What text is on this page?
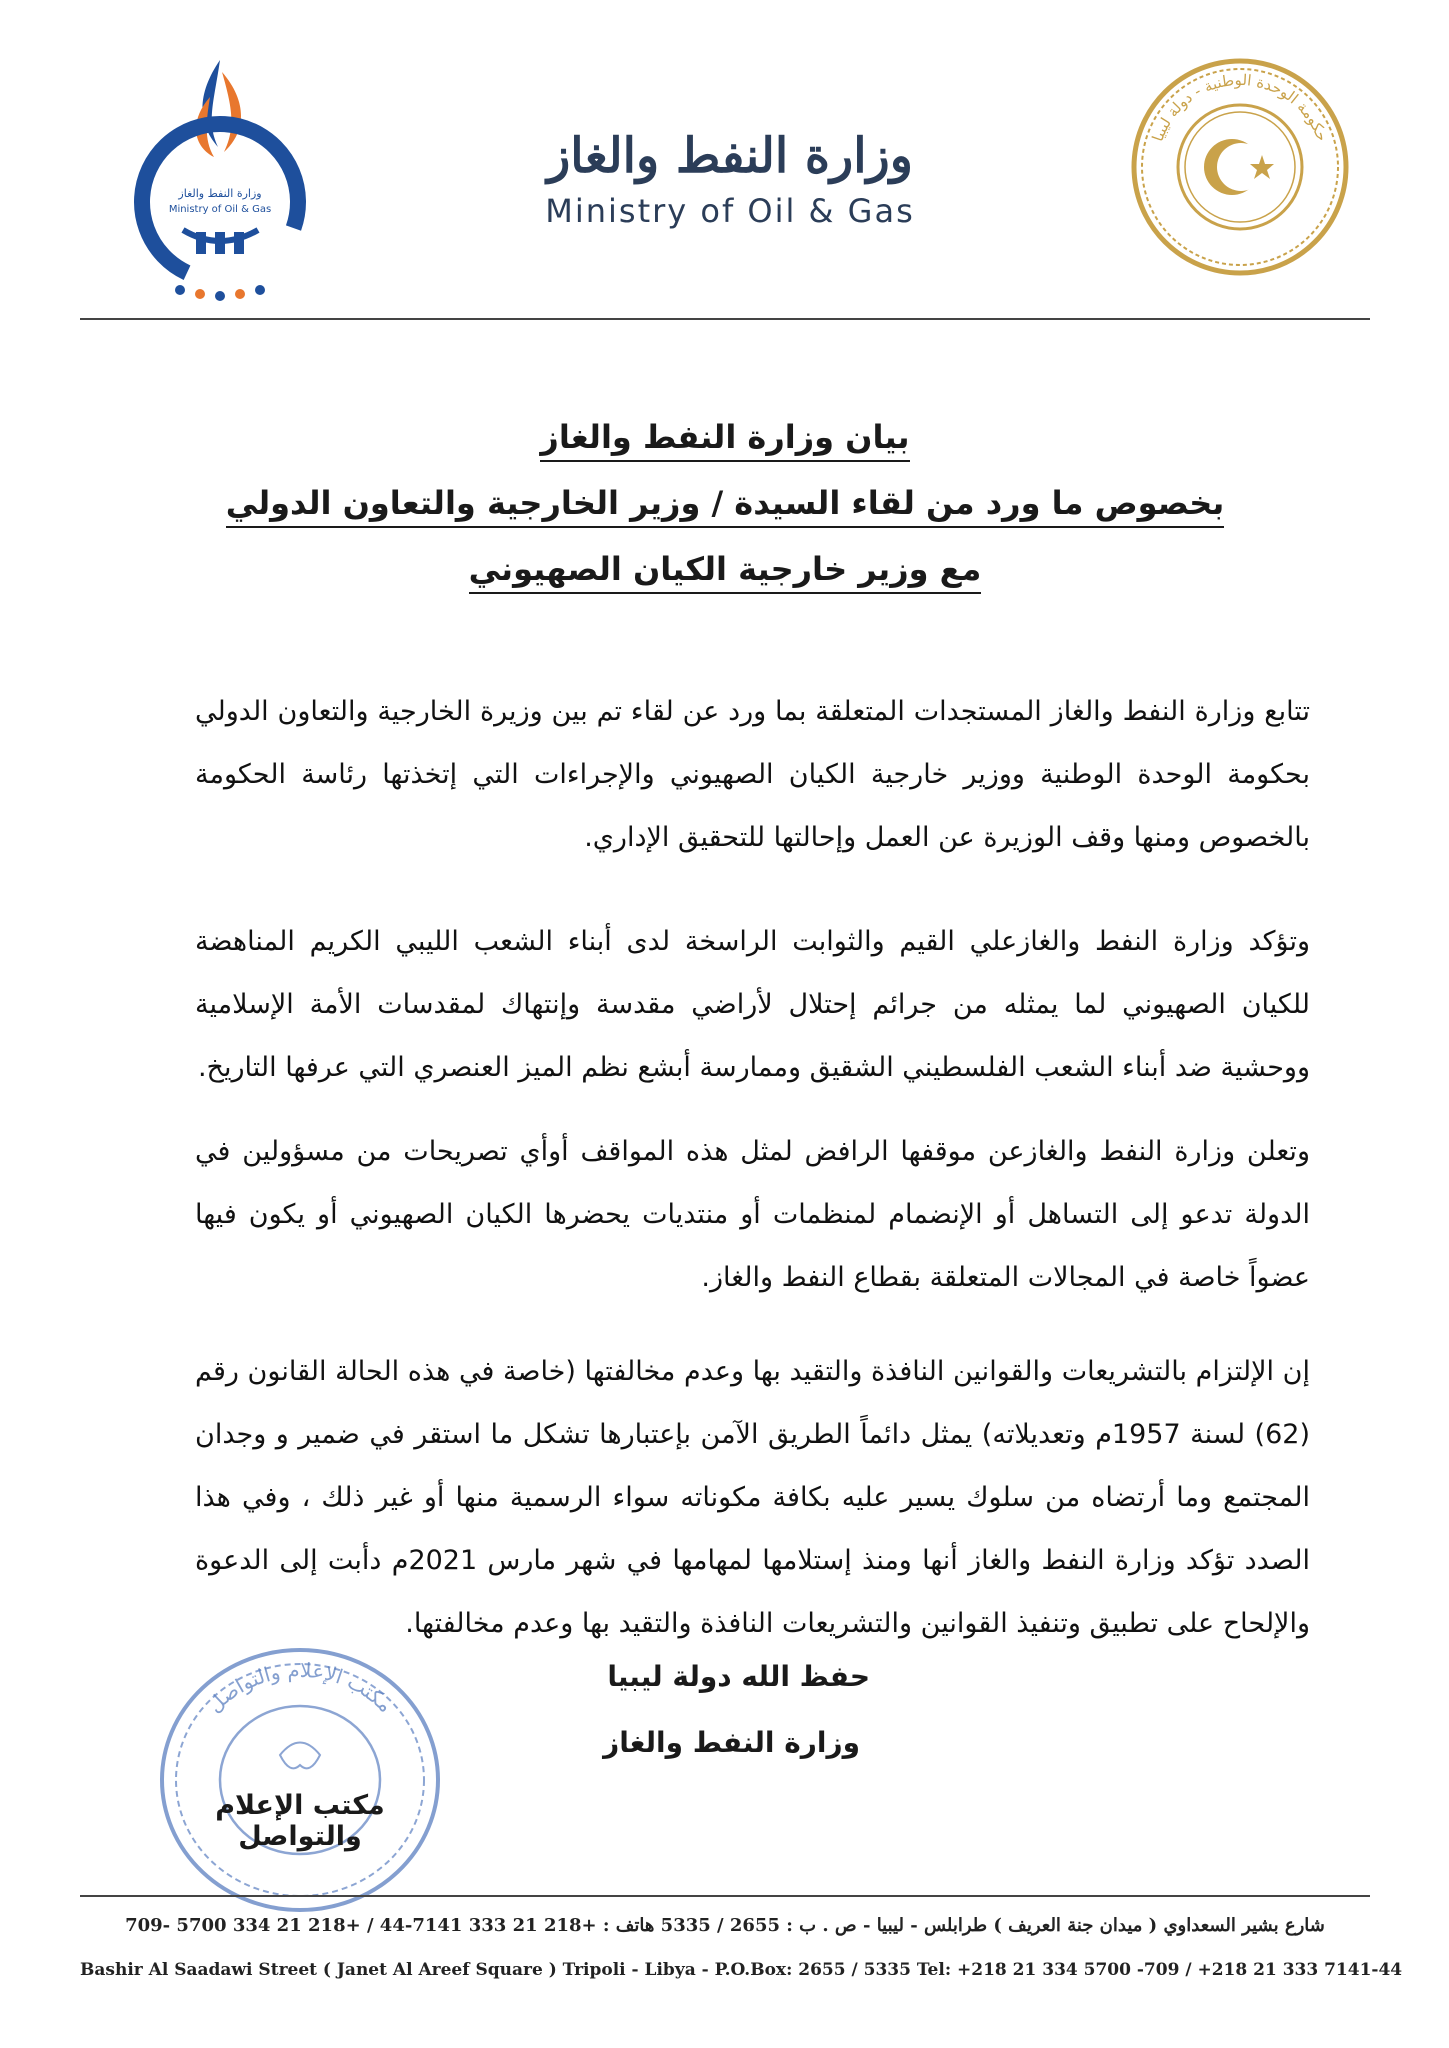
وزارة النفط والغاز
Ministry of Oil & Gas
وزارة النفط والغاز
Ministry of Oil & Gas
حكومة الوحدة الوطنية - دولة ليبيا
بيان وزارة النفط والغاز
بخصوص ما ورد من لقاء السيدة / وزير الخارجية والتعاون الدولي
مع وزير خارجية الكيان الصهيوني
تتابع وزارة النفط والغاز المستجدات المتعلقة بما ورد عن لقاء تم بين وزيرة الخارجية والتعاون الدولي بحكومة الوحدة الوطنية ووزير خارجية الكيان الصهيوني والإجراءات التي إتخذتها رئاسة الحكومة بالخصوص ومنها وقف الوزيرة عن العمل وإحالتها للتحقيق الإداري.
وتؤكد وزارة النفط والغازعلي القيم والثوابت الراسخة لدى أبناء الشعب الليبي الكريم المناهضة للكيان الصهيوني لما يمثله من جرائم إحتلال لأراضي مقدسة وإنتهاك لمقدسات الأمة الإسلامية ووحشية ضد أبناء الشعب الفلسطيني الشقيق وممارسة أبشع نظم الميز العنصري التي عرفها التاريخ.
وتعلن وزارة النفط والغازعن موقفها الرافض لمثل هذه المواقف أوأي تصريحات من مسؤولين في الدولة تدعو إلى التساهل أو الإنضمام لمنظمات أو منتديات يحضرها الكيان الصهيوني أو يكون فيها عضواً خاصة في المجالات المتعلقة بقطاع النفط والغاز.
إن الإلتزام بالتشريعات والقوانين النافذة والتقيد بها وعدم مخالفتها (خاصة في هذه الحالة القانون رقم (62) لسنة 1957م وتعديلاته) يمثل دائماً الطريق الآمن بإعتبارها تشكل ما استقر في ضمير و وجدان المجتمع وما أرتضاه من سلوك يسير عليه بكافة مكوناته سواء الرسمية منها أو غير ذلك ، وفي هذا الصدد تؤكد وزارة النفط والغاز أنها ومنذ إستلامها لمهامها في شهر مارس 2021م دأبت إلى الدعوة والإلحاح على تطبيق وتنفيذ القوانين والتشريعات النافذة والتقيد بها وعدم مخالفتها.
مكتب الإعلام والتواصل
حفظ الله دولة ليبيا
وزارة النفط والغاز
مكتب الإعلام والتواصل
شارع بشير السعداوي ( ميدان جنة العريف ) طرابلس - ليبيا - ص . ب : 2655 / 5335 هاتف : +218 21 333 7141-44 / +218 21 334 5700 -709
Bashir Al Saadawi Street ( Janet Al Areef Square ) Tripoli - Libya - P.O.Box: 2655 / 5335 Tel: +218 21 334 5700 -709 / +218 21 333 7141-44
